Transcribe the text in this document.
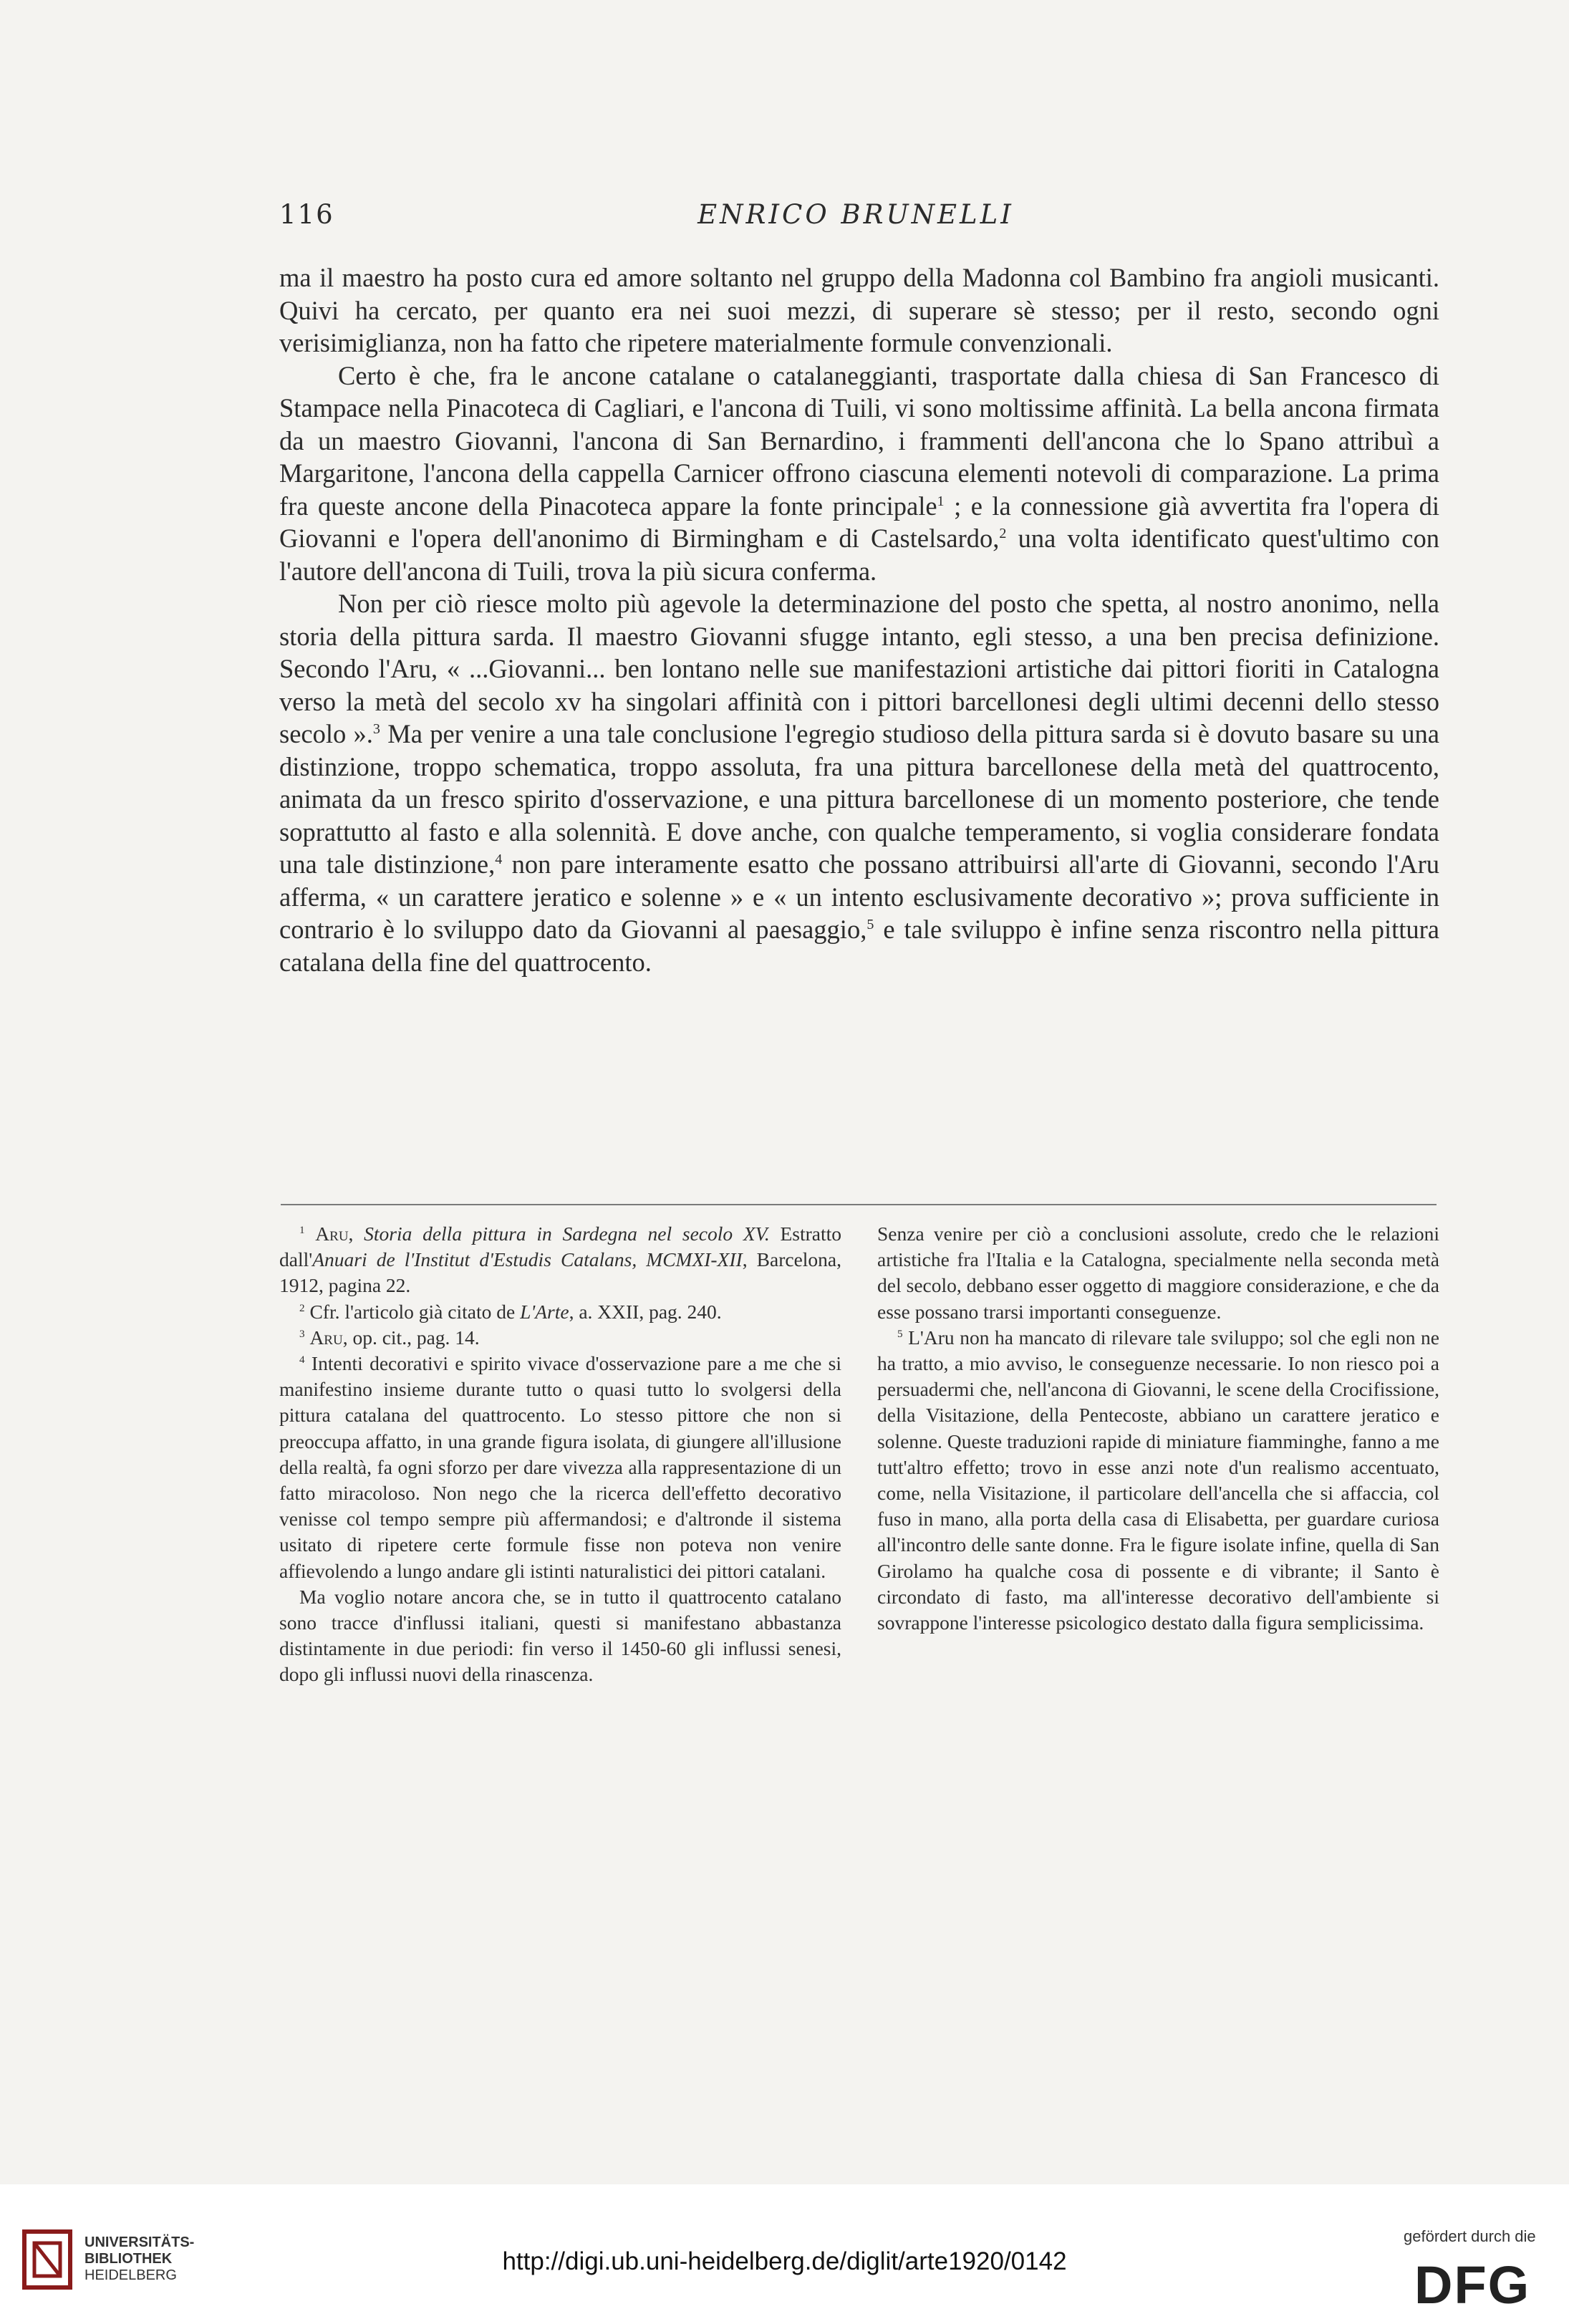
116	ENRICO BRUNELLI

ma il maestro ha posto cura ed amore soltanto nel gruppo della Madonna col Bambino fra angioli musicanti. Quivi ha cercato, per quanto era nei suoi mezzi, di superare sè stesso; per il resto, secondo ogni verisimiglianza, non ha fatto che ripetere materialmente formule convenzionali.

Certo è che, fra le ancone catalane o catalaneggianti, trasportate dalla chiesa di San Francesco di Stampace nella Pinacoteca di Cagliari, e l'ancona di Tuili, vi sono moltissime affinità. La bella ancona firmata da un maestro Giovanni, l'ancona di San Bernardino, i frammenti dell'ancona che lo Spano attribuì a Margaritone, l'ancona della cappella Carnicer offrono ciascuna elementi notevoli di comparazione. La prima fra queste ancone della Pinacoteca appare la fonte principale$^1$ ; e la connessione già avvertita fra l'opera di Giovanni e l'opera dell'anonimo di Birmingham e di Castelsardo,$^2$ una volta identificato quest'ultimo con l'autore dell'ancona di Tuili, trova la più sicura conferma.

Non per ciò riesce molto più agevole la determinazione del posto che spetta, al nostro anonimo, nella storia della pittura sarda. Il maestro Giovanni sfugge intanto, egli stesso, a una ben precisa definizione. Secondo l'Aru, « ...Giovanni... ben lontano nelle sue manifestazioni artistiche dai pittori fioriti in Catalogna verso la metà del secolo xv ha singolari affinità con i pittori barcellonesi degli ultimi decenni dello stesso secolo ».$^3$ Ma per venire a una tale conclusione l'egregio studioso della pittura sarda si è dovuto basare su una distinzione, troppo schematica, troppo assoluta, fra una pittura barcellonese della metà del quattrocento, animata da un fresco spirito d'osservazione, e una pittura barcellonese di un momento posteriore, che tende soprattutto al fasto e alla solennità. E dove anche, con qualche temperamento, si voglia considerare fondata una tale distinzione,$^4$ non pare interamente esatto che possano attribuirsi all'arte di Giovanni, secondo l'Aru afferma, « un carattere jeratico e solenne » e « un intento esclusivamente decorativo »; prova sufficiente in contrario è lo sviluppo dato da Giovanni al paesaggio,$^5$ e tale sviluppo è infine senza riscontro nella pittura catalana della fine del quattrocento.

$^1$ Aru, Storia della pittura in Sardegna nel secolo XV. Estratto dall'Anuari de l'Institut d'Estudis Catalans, MCMXI-XII, Barcelona, 1912, pagina 22.

$^2$ Cfr. l'articolo già citato de L'Arte, a. XXII, pag. 240.

$^3$ Aru, op. cit., pag. 14.

$^4$ Intenti decorativi e spirito vivace d'osservazione pare a me che si manifestino insieme durante tutto o quasi tutto lo svolgersi della pittura catalana del quattrocento. Lo stesso pittore che non si preoccupa affatto, in una grande figura isolata, di giungere all'illusione della realtà, fa ogni sforzo per dare vivezza alla rappresentazione di un fatto miracoloso. Non nego che la ricerca dell'effetto decorativo venisse col tempo sempre più affermandosi; e d'altronde il sistema usitato di ripetere certe formule fisse non poteva non venire affievolendo a lungo andare gli istinti naturalistici dei pittori catalani.

Ma voglio notare ancora che, se in tutto il quattrocento catalano sono tracce d'influssi italiani, questi si manifestano abbastanza distintamente in due periodi: fin verso il 1450-60 gli influssi senesi, dopo gli influssi nuovi della rinascenza.

Senza venire per ciò a conclusioni assolute, credo che le relazioni artistiche fra l'Italia e la Catalogna, specialmente nella seconda metà del secolo, debbano esser oggetto di maggiore considerazione, e che da esse possano trarsi importanti conseguenze.

$^5$ L'Aru non ha mancato di rilevare tale sviluppo; sol che egli non ne ha tratto, a mio avviso, le conseguenze necessarie. Io non riesco poi a persuadermi che, nell'ancona di Giovanni, le scene della Crocifissione, della Visitazione, della Pentecoste, abbiano un carattere jeratico e solenne. Queste traduzioni rapide di miniature fiamminghe, fanno a me tutt'altro effetto; trovo in esse anzi note d'un realismo accentuato, come, nella Visitazione, il particolare dell'ancella che si affaccia, col fuso in mano, alla porta della casa di Elisabetta, per guardare curiosa all'incontro delle sante donne. Fra le figure isolate infine, quella di San Girolamo ha qualche cosa di possente e di vibrante; il Santo è circondato di fasto, ma all'interesse decorativo dell'ambiente si sovrappone l'interesse psicologico destato dalla figura semplicissima.

UNIVERSITÄTS-
BIBLIOTHEK
HEIDELBERG	http://digi.ub.uni-heidelberg.de/diglit/arte1920/0142
gefördert durch die
DFG
